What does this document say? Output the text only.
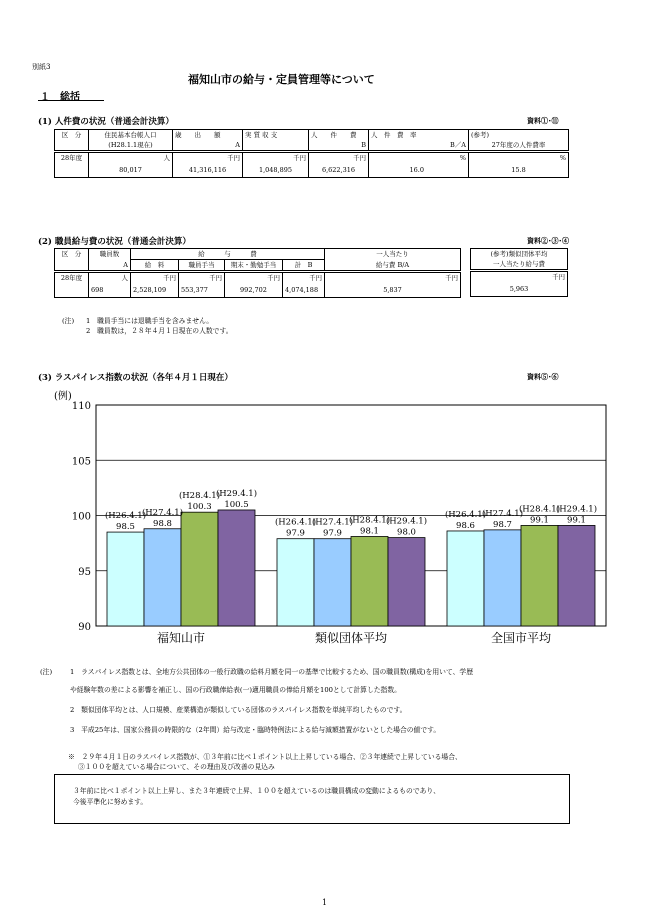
別紙3
福知山市の給与・定員管理等について
１　総括
(1) 人件費の状況（普通会計決算）	資料①･⑪
区　分	住民基本台帳人口	歳　　出　　額	実 質 収 支	人　　件　　費	人　件　費　率	(参考)
	(H28.1.1現在)	A		B	B／A	27年度の人件費率
28年度	人	千円	千円	千円	%	%
	80,017	41,316,116	1,048,895	6,622,316	16.0	15.8
(2) 職員給与費の状況（普通会計決算）	資料②･③･④
区　分	職員数	給　　　与　　　費				一人当たり
	A	給　料	職員手当	期末・勤勉手当	計　B	給与費 B/A
28年度	人	千円	千円	千円	千円	千円
	698	2,528,109	553,377	992,702	4,074,188	5,837
(参考)類似団体平均
一人当たり給与費
千円
5,963
(注) 1　職員手当には退職手当を含みません。
2　職員数は，２８年４月１日現在の人数です。
(3) ラスパイレス指数の状況（各年４月１日現在）	資料⑤･⑥
(例)
(H26.4.1)
98.5
(H27.4.1)
98.8
(H28.4.1)
100.3
(H29.4.1)
100.5
(H26.4.1)
97.9
(H27.4.1)
97.9
(H28.4.1)
98.1
(H29.4.1)
98.0
(H26.4.1)
98.6
(H27.4.1)
98.7
(H28.4.1)
99.1
(H29.4.1)
99.1
90
95
100
105
110
福知山市	類似団体平均	全国市平均
(注)	1　ラスパイレス指数とは、全地方公共団体の一般行政職の給料月額を同一の基準で比較するため、国の職員数(構成)を用いて、学歴
や経験年数の差による影響を補正し、国の行政職俸給表(一)適用職員の俸給月額を100として計算した指数。
2　類似団体平均とは、人口規模、産業構造が類似している団体のラスパイレス指数を単純平均したものです。
3　平成25年は、国家公務員の時限的な（2年間）給与改定・臨時特例法による給与減額措置がないとした場合の値です。
※　２９年４月１日のラスパイレス指数が、①３年前に比べ１ポイント以上上昇している場合、②３年連続で上昇している場合、
③１００を超えている場合について、その理由及び改善の見込み
３年前に比べ１ポイント以上上昇し、また３年連続で上昇、１００を超えているのは職員構成の変動によるものであり、
今後平準化に努めます。
1
